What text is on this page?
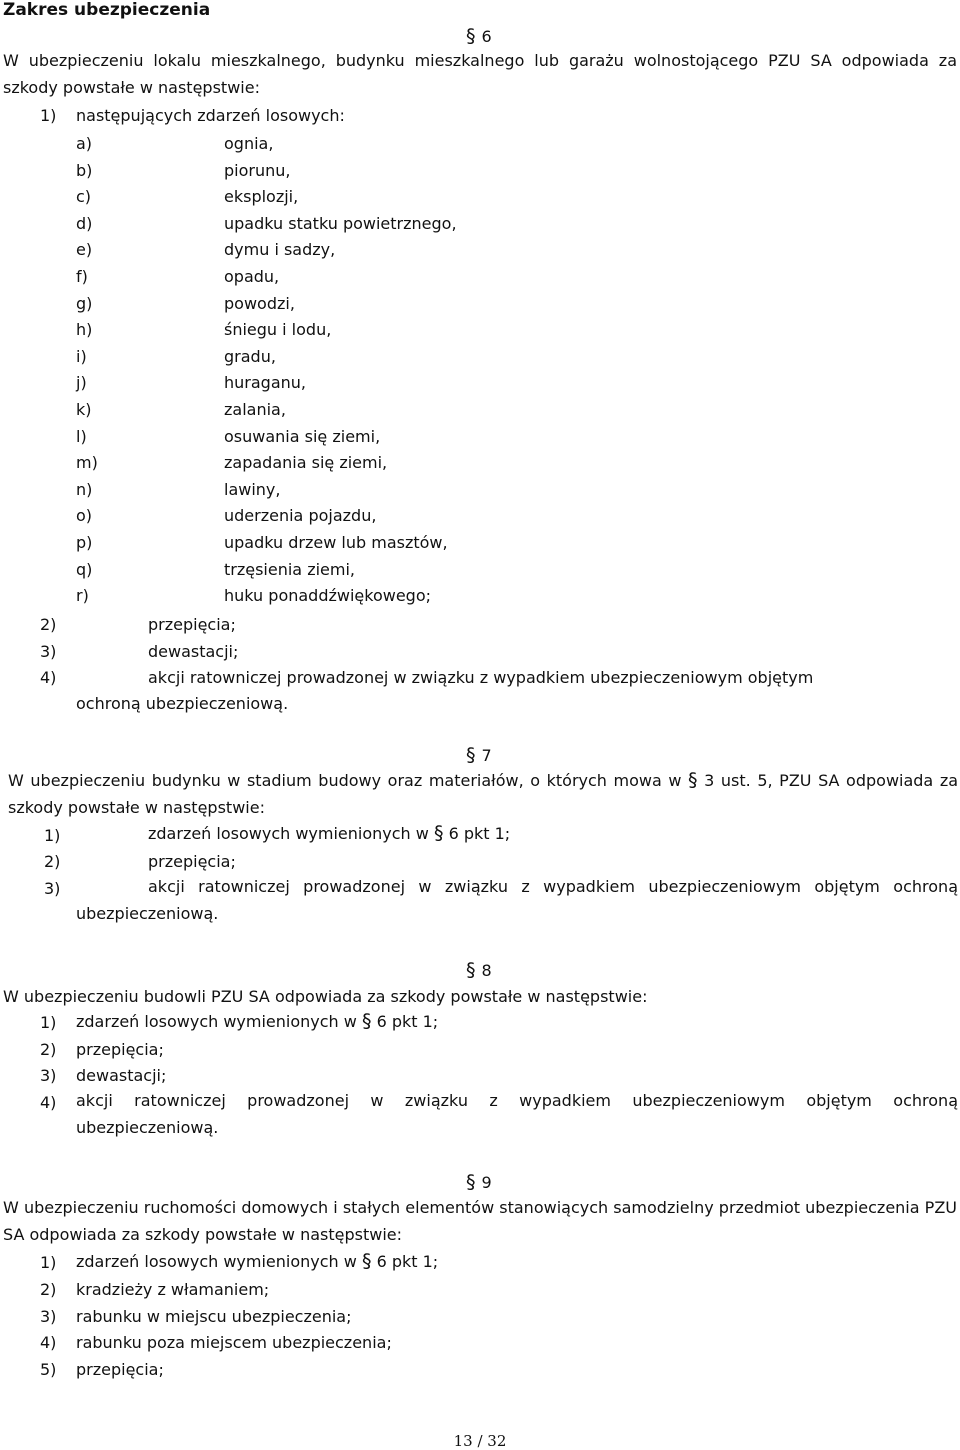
Zakres ubezpieczenia
§ 6
W ubezpieczeniu lokalu mieszkalnego, budynku mieszkalnego lub garażu wolnostojącego PZU SA odpowiada za szkody powstałe w następstwie:
1) następujących zdarzeń losowych:
a)	ognia,
b)	piorunu,
c)	eksplozji,
d)	upadku statku powietrznego,
e)	dymu i sadzy,
f)	opadu,
g)	powodzi,
h)	śniegu i lodu,
i)	gradu,
j)	huraganu,
k)	zalania,
l)	osuwania się ziemi,
m)	zapadania się ziemi,
n)	lawiny,
o)	uderzenia pojazdu,
p)	upadku drzew lub masztów,
q)	trzęsienia ziemi,
r)	huku ponaddźwiękowego;
2)	przepięcia;
3)	dewastacji;
4)	akcji ratowniczej prowadzonej w związku z wypadkiem ubezpieczeniowym objętym
ochroną ubezpieczeniową.
§ 7
W ubezpieczeniu budynku w stadium budowy oraz materiałów, o których mowa w § 3 ust. 5, PZU SA odpowiada za szkody powstałe w następstwie:
1)	zdarzeń losowych wymienionych w § 6 pkt 1;
2)	przepięcia;
3)	akcji ratowniczej prowadzonej w związku z wypadkiem ubezpieczeniowym objętym ochroną ubezpieczeniową.
§ 8
W ubezpieczeniu budowli PZU SA odpowiada za szkody powstałe w następstwie:
1) zdarzeń losowych wymienionych w § 6 pkt 1;
2) przepięcia;
3) dewastacji;
4) akcji ratowniczej prowadzonej w związku z wypadkiem ubezpieczeniowym objętym ochroną ubezpieczeniową.
§ 9
W ubezpieczeniu ruchomości domowych i stałych elementów stanowiących samodzielny przedmiot ubezpieczenia PZU SA odpowiada za szkody powstałe w następstwie:
1) zdarzeń losowych wymienionych w § 6 pkt 1;
2) kradzieży z włamaniem;
3) rabunku w miejscu ubezpieczenia;
4) rabunku poza miejscem ubezpieczenia;
5) przepięcia;
13 / 32
